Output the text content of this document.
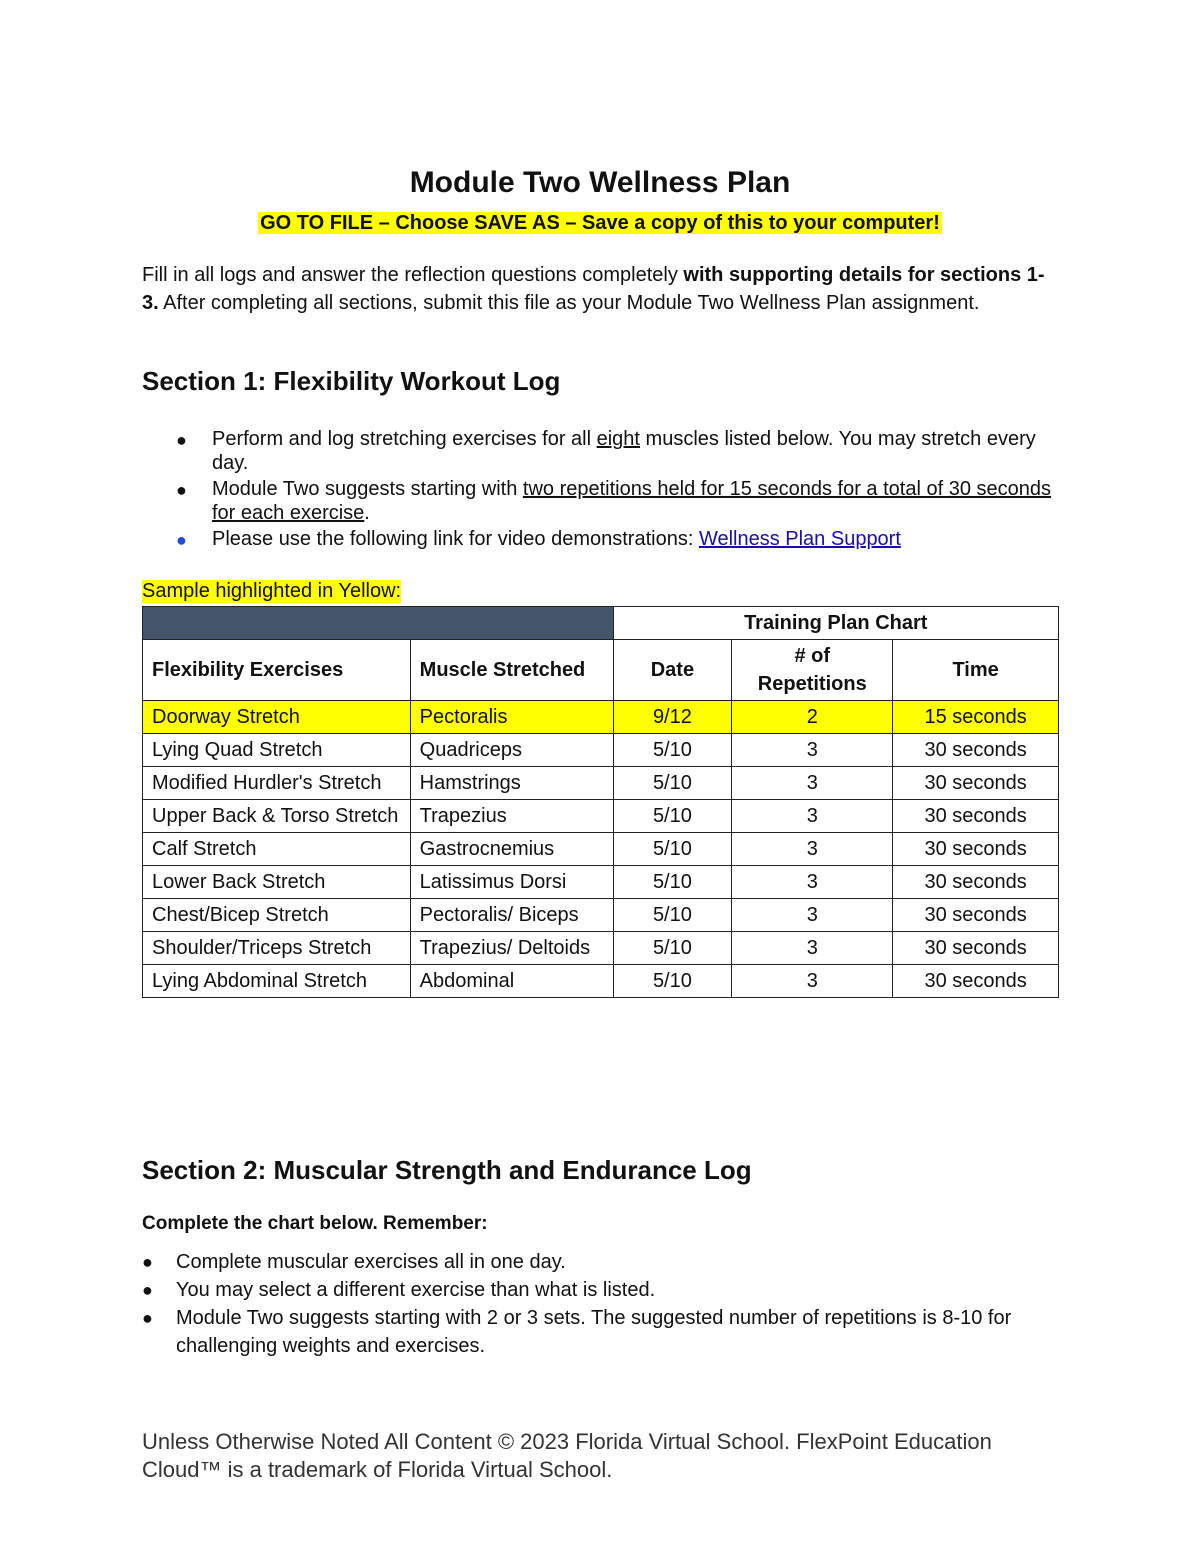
Module Two Wellness Plan
GO TO FILE – Choose SAVE AS – Save a copy of this to your computer!
Fill in all logs and answer the reflection questions completely with supporting details for sections 1-3. After completing all sections, submit this file as your Module Two Wellness Plan assignment.
Section 1: Flexibility Workout Log
● Perform and log stretching exercises for all eight muscles listed below. You may stretch every day.
● Module Two suggests starting with two repetitions held for 15 seconds for a total of 30 seconds for each exercise.
● Please use the following link for video demonstrations: Wellness Plan Support
Sample highlighted in Yellow:
		Training Plan Chart		
Flexibility Exercises	Muscle Stretched	Date	# of Repetitions	Time
Doorway Stretch	Pectoralis	9/12	2	15 seconds
Lying Quad Stretch	Quadriceps	5/10	3	30 seconds
Modified Hurdler's Stretch	Hamstrings	5/10	3	30 seconds
Upper Back & Torso Stretch	Trapezius	5/10	3	30 seconds
Calf Stretch	Gastrocnemius	5/10	3	30 seconds
Lower Back Stretch	Latissimus Dorsi	5/10	3	30 seconds
Chest/Bicep Stretch	Pectoralis/ Biceps	5/10	3	30 seconds
Shoulder/Triceps Stretch	Trapezius/ Deltoids	5/10	3	30 seconds
Lying Abdominal Stretch	Abdominal	5/10	3	30 seconds
Section 2: Muscular Strength and Endurance Log
Complete the chart below. Remember:
● Complete muscular exercises all in one day.
● You may select a different exercise than what is listed.
● Module Two suggests starting with 2 or 3 sets. The suggested number of repetitions is 8-10 for challenging weights and exercises.
Unless Otherwise Noted All Content © 2023 Florida Virtual School. FlexPoint Education Cloud™ is a trademark of Florida Virtual School.
